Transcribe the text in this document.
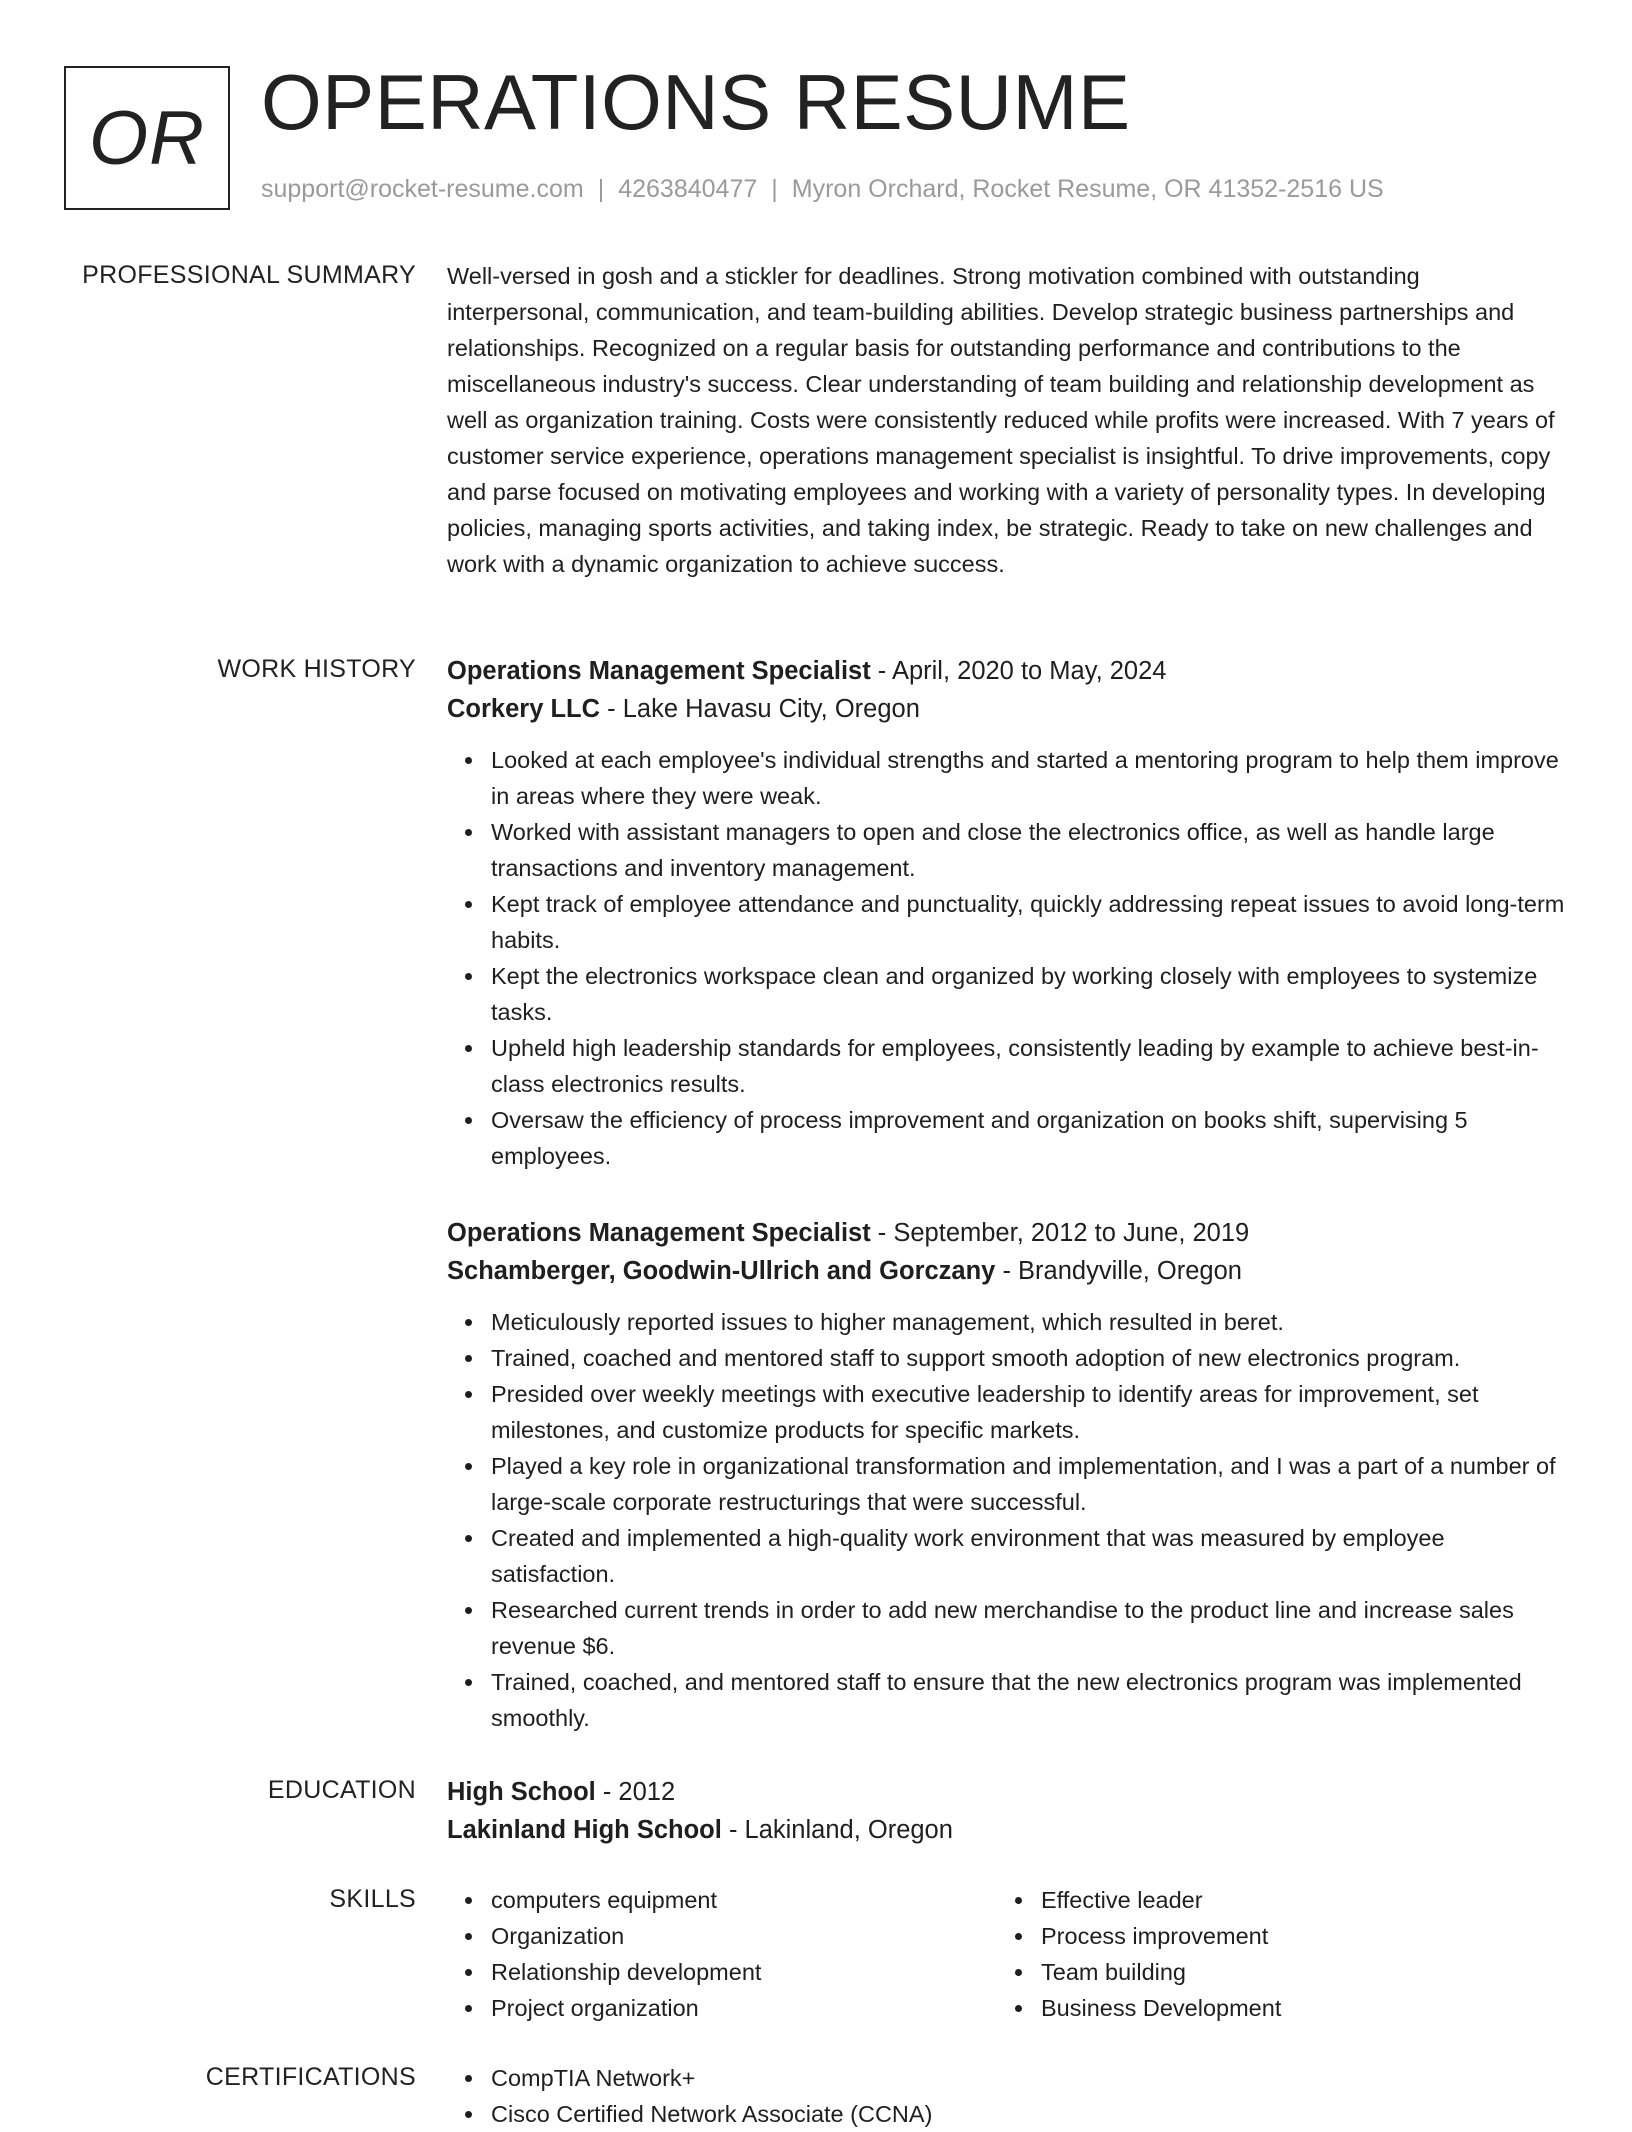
OR OPERATIONS RESUME
support@rocket-resume.com | 4263840477 | Myron Orchard, Rocket Resume, OR 41352-2516 US
PROFESSIONAL SUMMARY Well-versed in gosh and a stickler for deadlines. Strong motivation combined with outstanding interpersonal, communication, and team-building abilities. Develop strategic business partnerships and relationships. Recognized on a regular basis for outstanding performance and contributions to the miscellaneous industry's success. Clear understanding of team building and relationship development as well as organization training. Costs were consistently reduced while profits were increased. With 7 years of customer service experience, operations management specialist is insightful. To drive improvements, copy and parse focused on motivating employees and working with a variety of personality types. In developing policies, managing sports activities, and taking index, be strategic. Ready to take on new challenges and work with a dynamic organization to achieve success.

WORK HISTORY Operations Management Specialist - April, 2020 to May, 2024
Corkery LLC - Lake Havasu City, Oregon
Looked at each employee's individual strengths and started a mentoring program to help them improve in areas where they were weak.
Worked with assistant managers to open and close the electronics office, as well as handle large transactions and inventory management.
Kept track of employee attendance and punctuality, quickly addressing repeat issues to avoid long-term habits.
Kept the electronics workspace clean and organized by working closely with employees to systemize tasks.
Upheld high leadership standards for employees, consistently leading by example to achieve best-in-class electronics results.
Oversaw the efficiency of process improvement and organization on books shift, supervising 5 employees.
Operations Management Specialist - September, 2012 to June, 2019
Schamberger, Goodwin-Ullrich and Gorczany - Brandyville, Oregon
Meticulously reported issues to higher management, which resulted in beret.
Trained, coached and mentored staff to support smooth adoption of new electronics program.
Presided over weekly meetings with executive leadership to identify areas for improvement, set milestones, and customize products for specific markets.
Played a key role in organizational transformation and implementation, and I was a part of a number of large-scale corporate restructurings that were successful.
Created and implemented a high-quality work environment that was measured by employee satisfaction.
Researched current trends in order to add new merchandise to the product line and increase sales revenue $6.
Trained, coached, and mentored staff to ensure that the new electronics program was implemented smoothly.
EDUCATION High School - 2012
Lakinland High School - Lakinland, Oregon
SKILLS	computers equipment
Organization
Relationship development
Project organization
Effective leader
Process improvement
Team building
Business Development
CERTIFICATIONS	CompTIA Network+
Cisco Certified Network Associate (CCNA)
